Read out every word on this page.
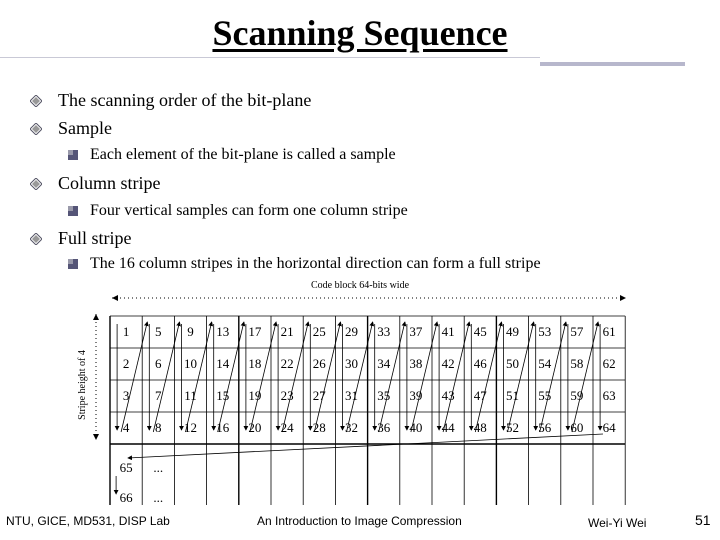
Scanning Sequence
The scanning order of the bit-plane
Sample
Each element of the bit-plane is called a sample
Column stripe
Four vertical samples can form one column stripe
Full stripe
The 16 column stripes in the horizontal direction can form a full stripe
Code block 64-bits wide
Stripe height of 4
1 5 9 13 17 21 25 29 33 37 41 45 49 53 57 61
2 6 10 14 18 22 26 30 34 38 42 46 50 54 58 62
3 7 11 15 19 23 27 31 35 39 43 47 51 55 59 63
4 8 12 16 20 24 28 32 36 40 44 48 52 56 60 64
65 ...
66 ...
NTU, GICE, MD531, DISP Lab	An Introduction to Image Compression	Wei-Yi Wei	51
